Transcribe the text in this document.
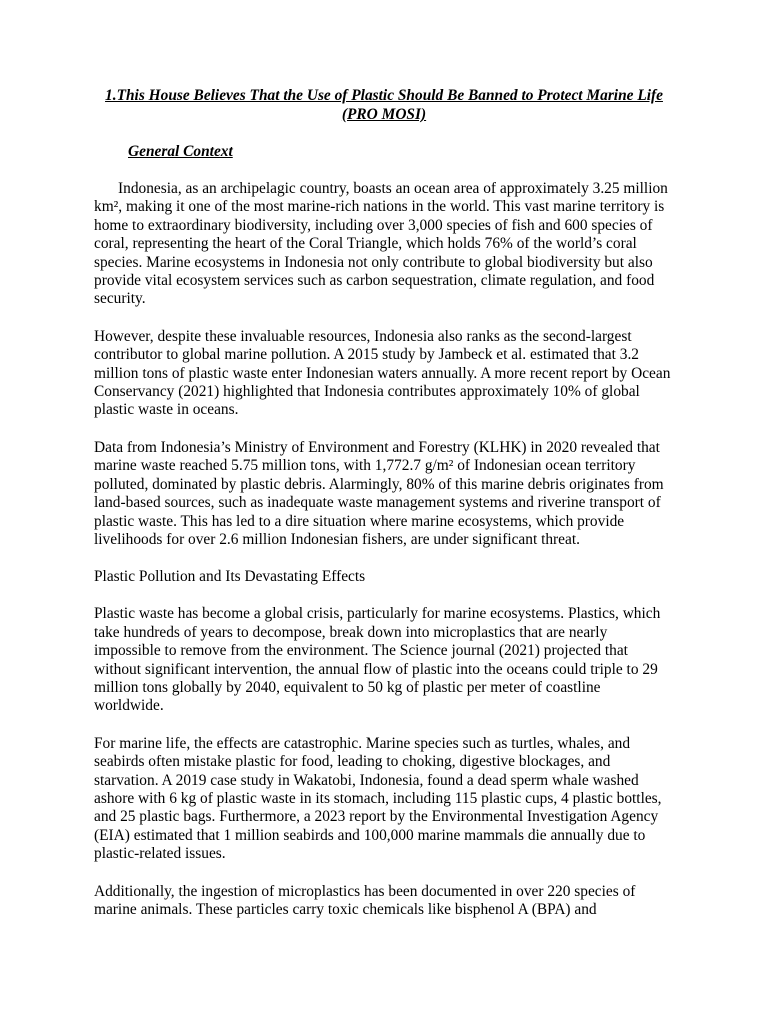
1.This House Believes That the Use of Plastic Should Be Banned to Protect Marine Life (PRO MOSI)

General Context

Indonesia, as an archipelagic country, boasts an ocean area of approximately 3.25 million km², making it one of the most marine-rich nations in the world. This vast marine territory is home to extraordinary biodiversity, including over 3,000 species of fish and 600 species of coral, representing the heart of the Coral Triangle, which holds 76% of the world’s coral species. Marine ecosystems in Indonesia not only contribute to global biodiversity but also provide vital ecosystem services such as carbon sequestration, climate regulation, and food security.

However, despite these invaluable resources, Indonesia also ranks as the second-largest contributor to global marine pollution. A 2015 study by Jambeck et al. estimated that 3.2 million tons of plastic waste enter Indonesian waters annually. A more recent report by Ocean Conservancy (2021) highlighted that Indonesia contributes approximately 10% of global plastic waste in oceans.

Data from Indonesia’s Ministry of Environment and Forestry (KLHK) in 2020 revealed that marine waste reached 5.75 million tons, with 1,772.7 g/m² of Indonesian ocean territory polluted, dominated by plastic debris. Alarmingly, 80% of this marine debris originates from land-based sources, such as inadequate waste management systems and riverine transport of plastic waste. This has led to a dire situation where marine ecosystems, which provide livelihoods for over 2.6 million Indonesian fishers, are under significant threat.

Plastic Pollution and Its Devastating Effects

Plastic waste has become a global crisis, particularly for marine ecosystems. Plastics, which take hundreds of years to decompose, break down into microplastics that are nearly impossible to remove from the environment. The Science journal (2021) projected that without significant intervention, the annual flow of plastic into the oceans could triple to 29 million tons globally by 2040, equivalent to 50 kg of plastic per meter of coastline worldwide.

For marine life, the effects are catastrophic. Marine species such as turtles, whales, and seabirds often mistake plastic for food, leading to choking, digestive blockages, and starvation. A 2019 case study in Wakatobi, Indonesia, found a dead sperm whale washed ashore with 6 kg of plastic waste in its stomach, including 115 plastic cups, 4 plastic bottles, and 25 plastic bags. Furthermore, a 2023 report by the Environmental Investigation Agency (EIA) estimated that 1 million seabirds and 100,000 marine mammals die annually due to plastic-related issues.

Additionally, the ingestion of microplastics has been documented in over 220 species of marine animals. These particles carry toxic chemicals like bisphenol A (BPA) and
